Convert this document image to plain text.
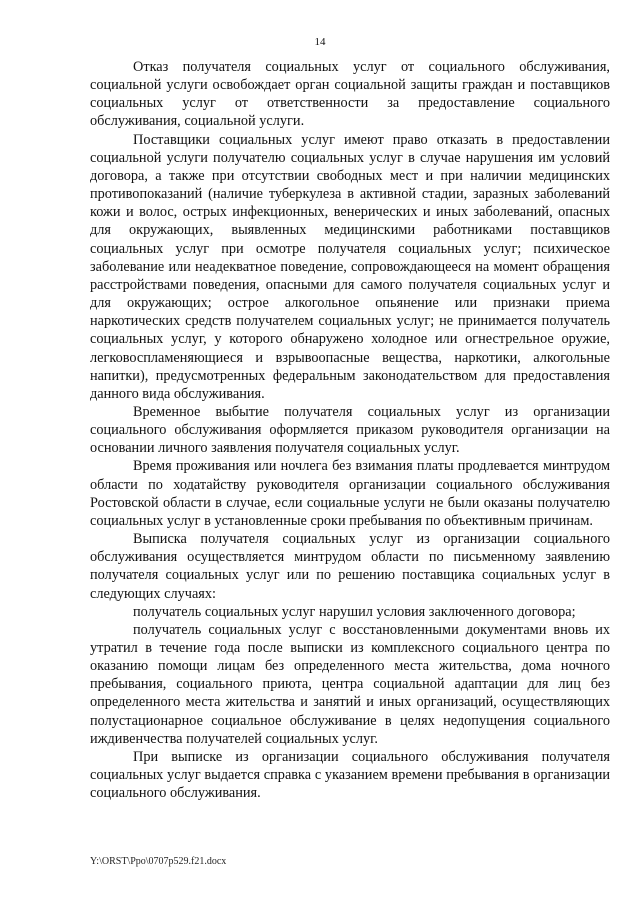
14

Отказ получателя социальных услуг от социального обслуживания, социальной услуги освобождает орган социальной защиты граждан и поставщиков социальных услуг от ответственности за предоставление социального обслуживания, социальной услуги.

Поставщики социальных услуг имеют право отказать в предоставлении социальной услуги получателю социальных услуг в случае нарушения им условий договора, а также при отсутствии свободных мест и при наличии медицинских противопоказаний (наличие туберкулеза в активной стадии, заразных заболеваний кожи и волос, острых инфекционных, венерических и иных заболеваний, опасных для окружающих, выявленных медицинскими работниками поставщиков социальных услуг при осмотре получателя социальных услуг; психическое заболевание или неадекватное поведение, сопровождающееся на момент обращения расстройствами поведения, опасными для самого получателя социальных услуг и для окружающих; острое алкогольное опьянение или признаки приема наркотических средств получателем социальных услуг; не принимается получатель социальных услуг, у которого обнаружено холодное или огнестрельное оружие, легковоспламеняющиеся и взрывоопасные вещества, наркотики, алкогольные напитки), предусмотренных федеральным законодательством для предоставления данного вида обслуживания.

Временное выбытие получателя социальных услуг из организации социального обслуживания оформляется приказом руководителя организации на основании личного заявления получателя социальных услуг.

Время проживания или ночлега без взимания платы продлевается минтрудом области по ходатайству руководителя организации социального обслуживания Ростовской области в случае, если социальные услуги не были оказаны получателю социальных услуг в установленные сроки пребывания по объективным причинам.

Выписка получателя социальных услуг из организации социального обслуживания осуществляется минтрудом области по письменному заявлению получателя социальных услуг или по решению поставщика социальных услуг в следующих случаях:

получатель социальных услуг нарушил условия заключенного договора;

получатель социальных услуг с восстановленными документами вновь их утратил в течение года после выписки из комплексного социального центра по оказанию помощи лицам без определенного места жительства, дома ночного пребывания, социального приюта, центра социальной адаптации для лиц без определенного места жительства и занятий и иных организаций, осуществляющих полустационарное социальное обслуживание в целях недопущения социального иждивенчества получателей социальных услуг.

При выписке из организации социального обслуживания получателя социальных услуг выдается справка с указанием времени пребывания в организации социального обслуживания.

Y:\ORST\Ppo\0707p529.f21.docx
